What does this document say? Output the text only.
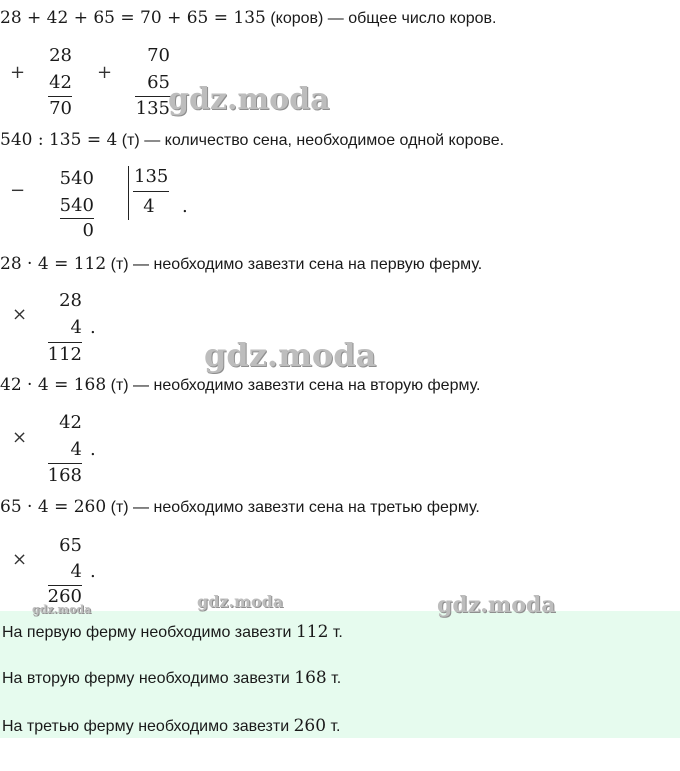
28 + 42 + 65 = 70 + 65 = 135 (коров) — общее число коров.
+
28
42
70
+
70
65
135
540 : 135 = 4 (т) — количество сена, необходимое одной корове.
−
540
540
0
135
4	.
28 · 4 = 112 (т) — необходимо завезти сена на первую ферму.
×
28
4 .
112
42 · 4 = 168 (т) — необходимо завезти сена на вторую ферму.
×
42
4 .
168
65 · 4 = 260 (т) — необходимо завезти сена на третью ферму.
×
65
4 .
260
На первую ферму необходимо завезти 112 т.
На вторую ферму необходимо завезти 168 т.
На третью ферму необходимо завезти 260 т.
gdz.moda
gdz.moda
gdz.moda	gdz.moda	gdz.moda
